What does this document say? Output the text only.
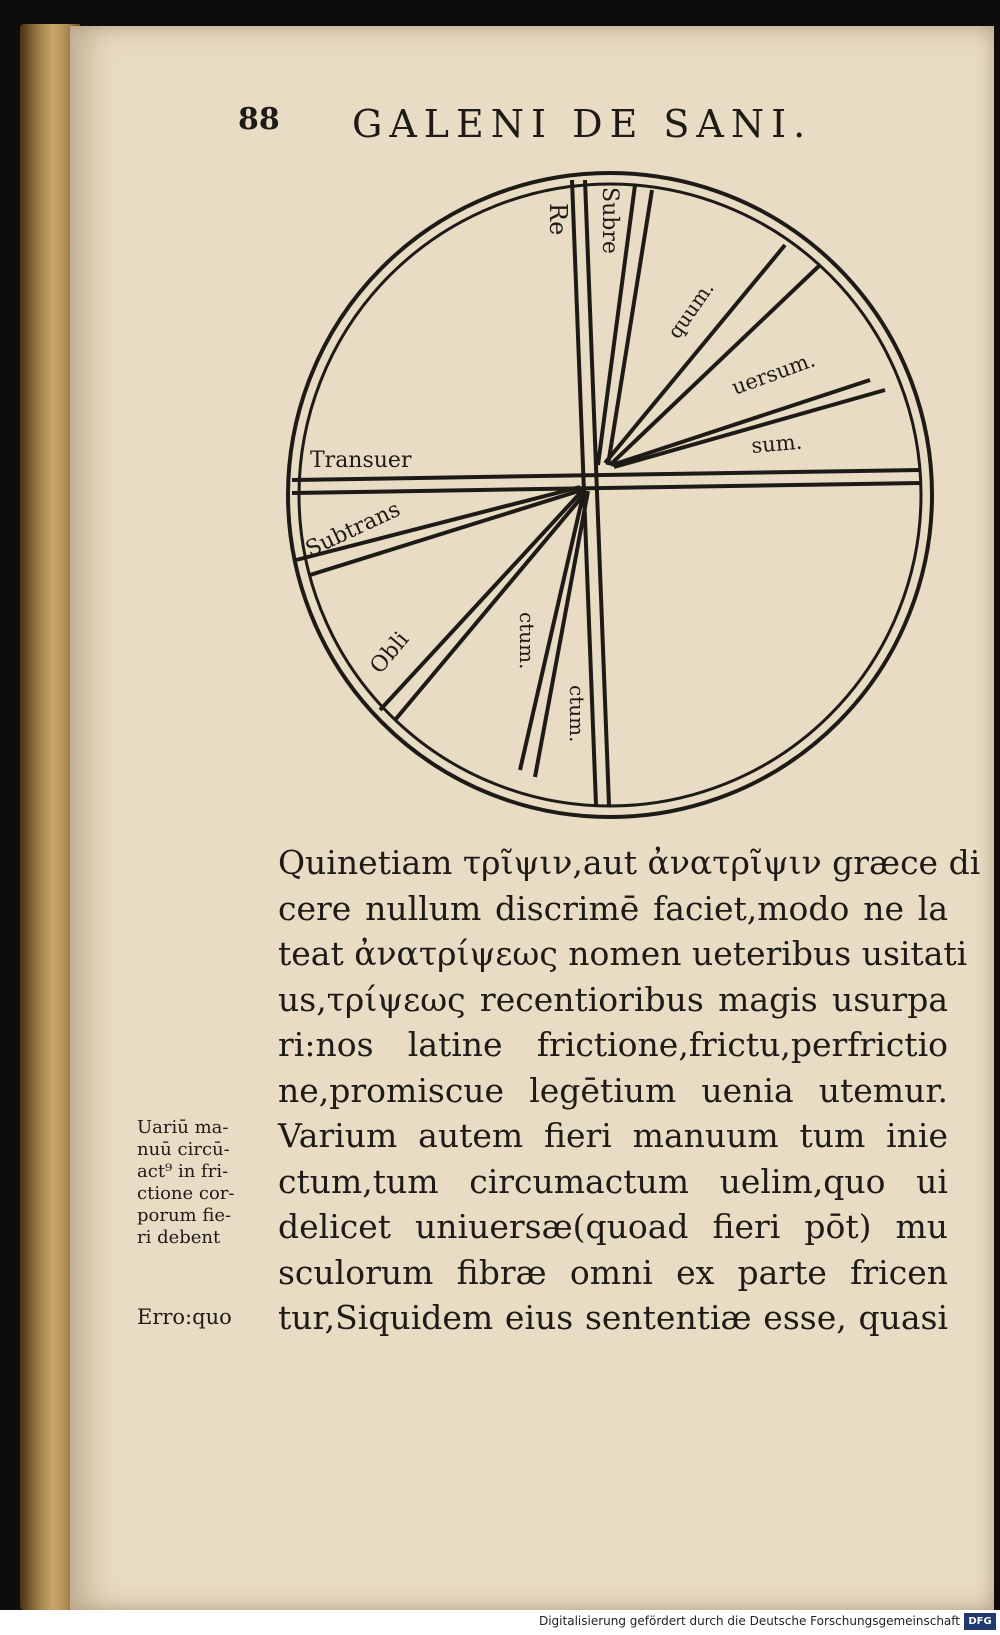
88 GALENI DE SANI.
Re Subre
quum.
uersum.
sum.
Transuer
Subtrans
Obli	ctum.
ctum.
Quinetiam τρῖψιν,aut ἀνατρῖψιν græce di
cere nullum discrimē faciet,modo ne la
teat ἀνατρίψεως nomen ueteribus usitati
us,τρίψεως recentioribus magis usurpa
ri:nos latine frictione,frictu,perfrictio
ne,promiscue legētium uenia utemur.
Varium autem fieri manuum tum inie
ctum,tum circumactum uelim,quo ui
delicet uniuersæ(quoad fieri pōt) mu
sculorum fibræ omni ex parte fricen
tur,Siquidem eius sententiæ esse, quasi
Uariū ma-
nuū circū-
act⁹ in fri-
ctione cor-
porum fie-
ri debent
Erro:quo
Digitalisierung gefördert durch die Deutsche Forschungsgemeinschaft DFG
